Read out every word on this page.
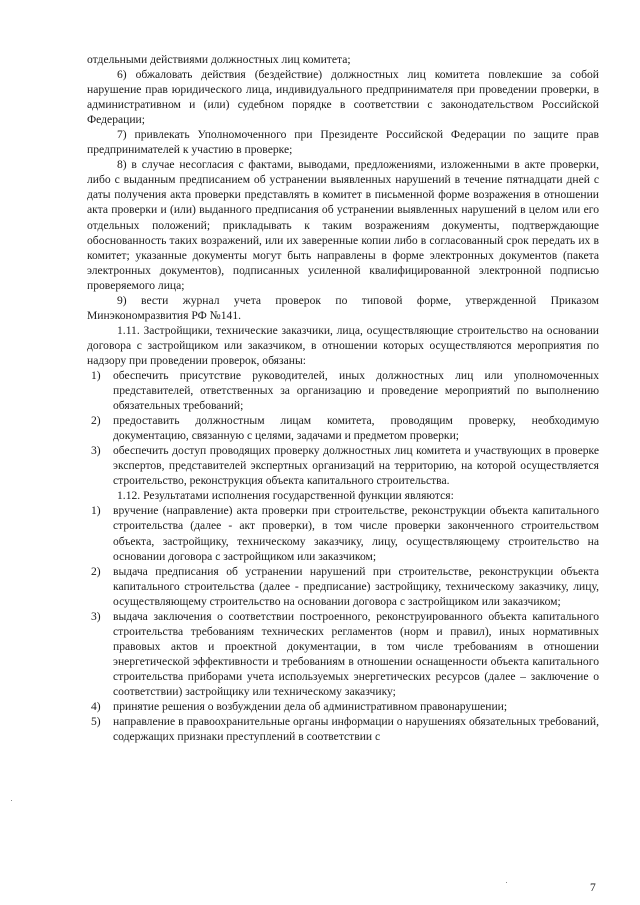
отдельными действиями должностных лиц комитета;

6) обжаловать действия (бездействие) должностных лиц комитета повлекшие за собой нарушение прав юридического лица, индивидуального предпринимателя при проведении проверки, в административном и (или) судебном порядке в соответствии с законодательством Российской Федерации;

7) привлекать Уполномоченного при Президенте Российской Федерации по защите прав предпринимателей к участию в проверке;

8) в случае несогласия с фактами, выводами, предложениями, изложенными в акте проверки, либо с выданным предписанием об устранении выявленных нарушений в течение пятнадцати дней с даты получения акта проверки представлять в комитет в письменной форме возражения в отношении акта проверки и (или) выданного предписания об устранении выявленных нарушений в целом или его отдельных положений; прикладывать к таким возражениям документы, подтверждающие обоснованность таких возражений, или их заверенные копии либо в согласованный срок передать их в комитет; указанные документы могут быть направлены в форме электронных документов (пакета электронных документов), подписанных усиленной квалифицированной электронной подписью проверяемого лица;

9) вести журнал учета проверок по типовой форме, утвержденной Приказом Минэкономразвития РФ №141.

1.11. Застройщики, технические заказчики, лица, осуществляющие строительство на основании договора с застройщиком или заказчиком, в отношении которых осуществляются мероприятия по надзору при проведении проверок, обязаны:

1) обеспечить присутствие руководителей, иных должностных лиц или уполномоченных представителей, ответственных за организацию и проведение мероприятий по выполнению обязательных требований;
2) предоставить должностным лицам комитета, проводящим проверку, необходимую документацию, связанную с целями, задачами и предметом проверки;
3) обеспечить доступ проводящих проверку должностных лиц комитета и участвующих в проверке экспертов, представителей экспертных организаций на территорию, на которой осуществляется строительство, реконструкция объекта капитального строительства.

1.12. Результатами исполнения государственной функции являются:

1) вручение (направление) акта проверки при строительстве, реконструкции объекта капитального строительства (далее - акт проверки), в том числе проверки законченного строительством объекта, застройщику, техническому заказчику, лицу, осуществляющему строительство на основании договора с застройщиком или заказчиком;
2) выдача предписания об устранении нарушений при строительстве, реконструкции объекта капитального строительства (далее - предписание) застройщику, техническому заказчику, лицу, осуществляющему строительство на основании договора с застройщиком или заказчиком;
3) выдача заключения о соответствии построенного, реконструированного объекта капитального строительства требованиям технических регламентов (норм и правил), иных нормативных правовых актов и проектной документации, в том числе требованиям в отношении энергетической эффективности и требованиям в отношении оснащенности объекта капитального строительства приборами учета используемых энергетических ресурсов (далее – заключение о соответствии) застройщику или техническому заказчику;
4) принятие решения о возбуждении дела об административном правонарушении;
5) направление в правоохранительные органы информации о нарушениях обязательных требований, содержащих признаки преступлений в соответствии с
7
